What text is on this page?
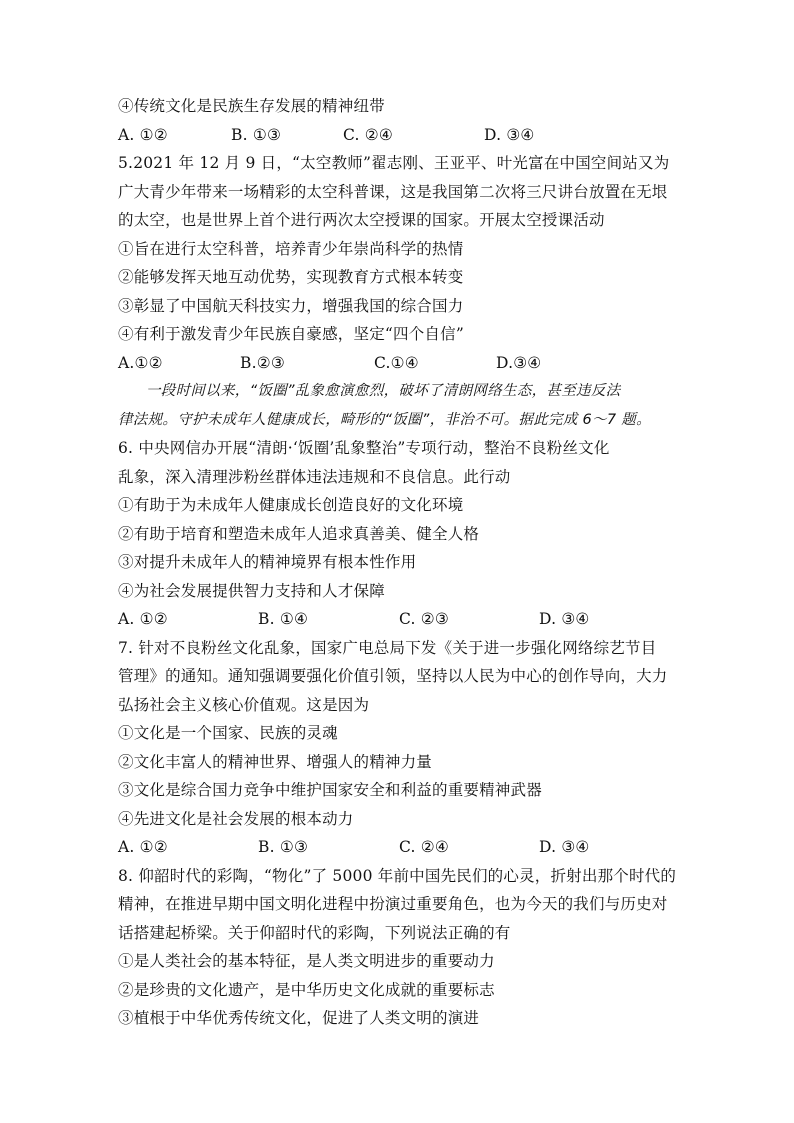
④传统文化是民族生存发展的精神纽带
A. ①②	B. ①③	C. ②④	D. ③④
5.2021 年 12 月 9 日，“太空教师”翟志刚、王亚平、叶光富在中国空间站又为
广大青少年带来一场精彩的太空科普课，这是我国第二次将三尺讲台放置在无垠
的太空，也是世界上首个进行两次太空授课的国家。开展太空授课活动
①旨在进行太空科普，培养青少年崇尚科学的热情
②能够发挥天地互动优势，实现教育方式根本转变
③彰显了中国航天科技实力，增强我国的综合国力
④有利于激发青少年民族自豪感，坚定“四个自信”
A.①②	B.②③	C.①④	D.③④
一段时间以来，“饭圈”乱象愈演愈烈，破坏了清朗网络生态，甚至违反法
律法规。守护未成年人健康成长，畸形的“饭圈”，非治不可。据此完成 6～7 题。
6. 中央网信办开展“清朗·‘饭圈’乱象整治”专项行动，整治不良粉丝文化
乱象，深入清理涉粉丝群体违法违规和不良信息。此行动
①有助于为未成年人健康成长创造良好的文化环境
②有助于培育和塑造未成年人追求真善美、健全人格
③对提升未成年人的精神境界有根本性作用
④为社会发展提供智力支持和人才保障
A. ①②	B. ①④	C. ②③	D. ③④
7. 针对不良粉丝文化乱象，国家广电总局下发《关于进一步强化网络综艺节目
管理》的通知。通知强调要强化价值引领，坚持以人民为中心的创作导向，大力
弘扬社会主义核心价值观。这是因为
①文化是一个国家、民族的灵魂
②文化丰富人的精神世界、增强人的精神力量
③文化是综合国力竞争中维护国家安全和利益的重要精神武器
④先进文化是社会发展的根本动力
A. ①②	B. ①③	C. ②④	D. ③④
8. 仰韶时代的彩陶，“物化”了 5000 年前中国先民们的心灵，折射出那个时代的
精神，在推进早期中国文明化进程中扮演过重要角色，也为今天的我们与历史对
话搭建起桥梁。关于仰韶时代的彩陶，下列说法正确的有
①是人类社会的基本特征，是人类文明进步的重要动力
②是珍贵的文化遗产，是中华历史文化成就的重要标志
③植根于中华优秀传统文化，促进了人类文明的演进
